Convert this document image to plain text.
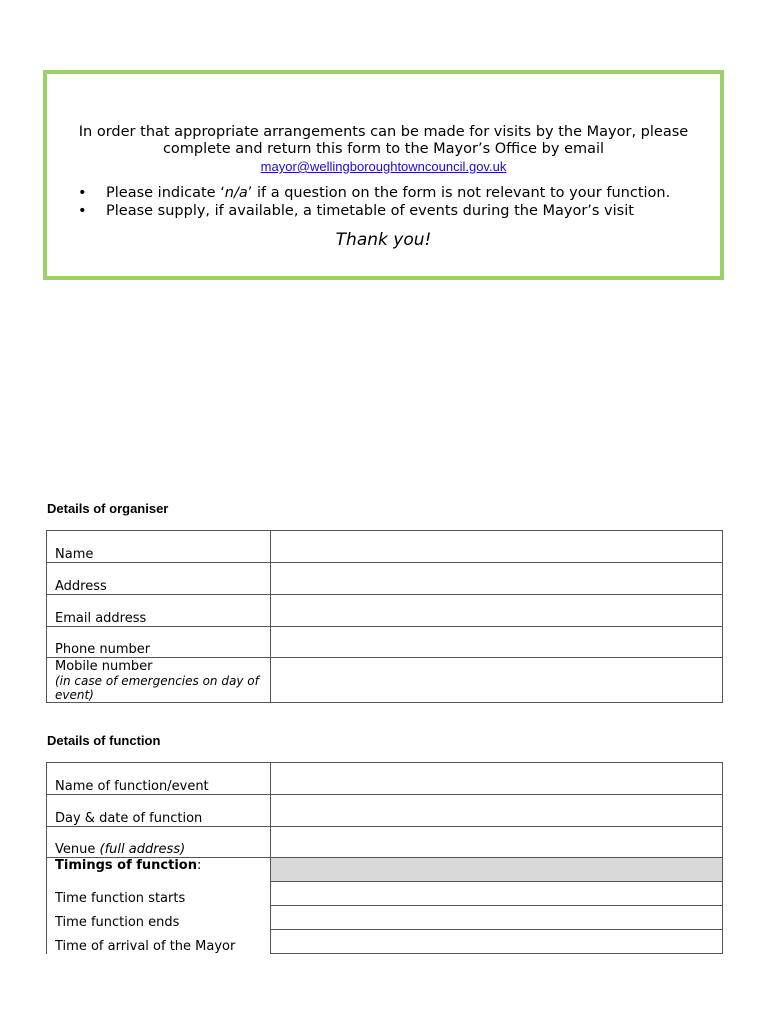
In order that appropriate arrangements can be made for visits by the Mayor, please complete and return this form to the Mayor’s Office by email

mayor@wellingboroughtowncouncil.gov.uk
• Please indicate ‘n/a’ if a question on the form is not relevant to your function.
• Please supply, if available, a timetable of events during the Mayor’s visit
Thank you!
Details of organiser
Name	
Address	
Email address	
Phone number	
Mobile number
(in case of emergencies on day of event)	

Details of function
Name of function/event	
Day & date of function	
Venue (full address)	
Timings of function:	
Time function starts	
Time function ends	
Time of arrival of the Mayor	
